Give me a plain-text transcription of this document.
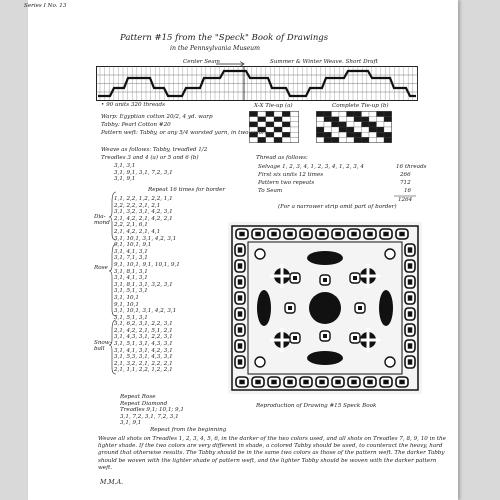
Series I No. 13
Pattern #15 from the "Speck" Book of Drawings
in the Pennsylvania Museum
Center Seam	Summer & Winter Weave. Short Draft
• 90 units 320 threads	X-X Tie-up (a)	Complete Tie-up (b)
Warp: Egyptian cotton 20/2, 4 yd. warp
Tabby: Pearl Cotton #20
Pattern weft: Tabby, or any 5/4 worsted yarn, in two colors
Weave as follows: Tabby, treadled 1/2
Treadles 3 and 4 (a) or 5 and 6 (b)
Repeat 16 times for border
Dia- mond
Rose
Snow- ball
3,1, 3,1
3,1, 9,1, 3,1, 7,2, 3,1
3,1, 9,1
1,1, 2,2, 1,2, 2,2, 1,1
2,2, 2,2, 2,1, 2,1
3,1, 3,2, 3,1, 4,2, 3,1
2,1, 4,2, 2,1, 4,2, 2,1
2,2, 2,1, 6,1
2,1, 4,2, 2,1, 4,1
3,1, 10,1, 3,1, 4,2, 3,1
9,1, 10,1, 9,1
3,1, 4,1, 3,1
3,1, 7,1, 3,1
9,1, 10,1, 9,1, 10,1, 9,1
3,1, 8,1, 3,1
3,1, 4,1, 3,1
3,1, 8,1, 3,1, 3,2, 3,1
3,1, 5,1, 3,1
3,1, 10,1
9,1, 10,1
3,1, 10,1, 3,1, 4,2, 3,1
3,1, 5,1, 3,1
3,1, 6,2, 3,1, 2,2, 3,1
2,1, 4,2, 2,1, 5,1, 2,1
3,1, 4,3, 3,1, 2,2, 3,1
3,1, 5,1, 3,1, 4,3, 3,1
3,1, 4,1, 3,1, 4,2, 3,1
3,1, 5,3, 3,1, 4,3, 3,1
2,1, 3,2, 2,1, 2,2, 2,1
2,1, 1,1, 2,2, 1,2, 2,1
Repeat Rose
Repeat Diamond
Treadles 9,1; 10,1; 9,1
3,1, 7,2, 3,1, 7,2, 3,1
3,1, 9,1
Repeat from the beginning
Thread as follows:
Selvage 1, 2, 3, 4, 1, 2, 3, 4, 1, 2, 3, 4	16 threads
First six units 12 times	266
Pattern two repeats	712
To Seam	16
1264
(For a narrower strip omit part of border)
Reproduction of Drawing #15 Speck Book
Weave all shots on Treadles 1, 2, 3, 4, 5, 6, in the darker of the two colors used, and all shots on Treadles 7, 8, 9, 10 in the lighter shade. If the two colors are very different in shade, a colored Tabby should be used, to counteract the heavy, hard ground that otherwise results. The Tabby should be in the same two colors as those of the pattern weft. The darker Tabby should be woven with the lighter shade of pattern weft, and the lighter Tabby should be woven with the darker pattern weft.
M.M.A.
